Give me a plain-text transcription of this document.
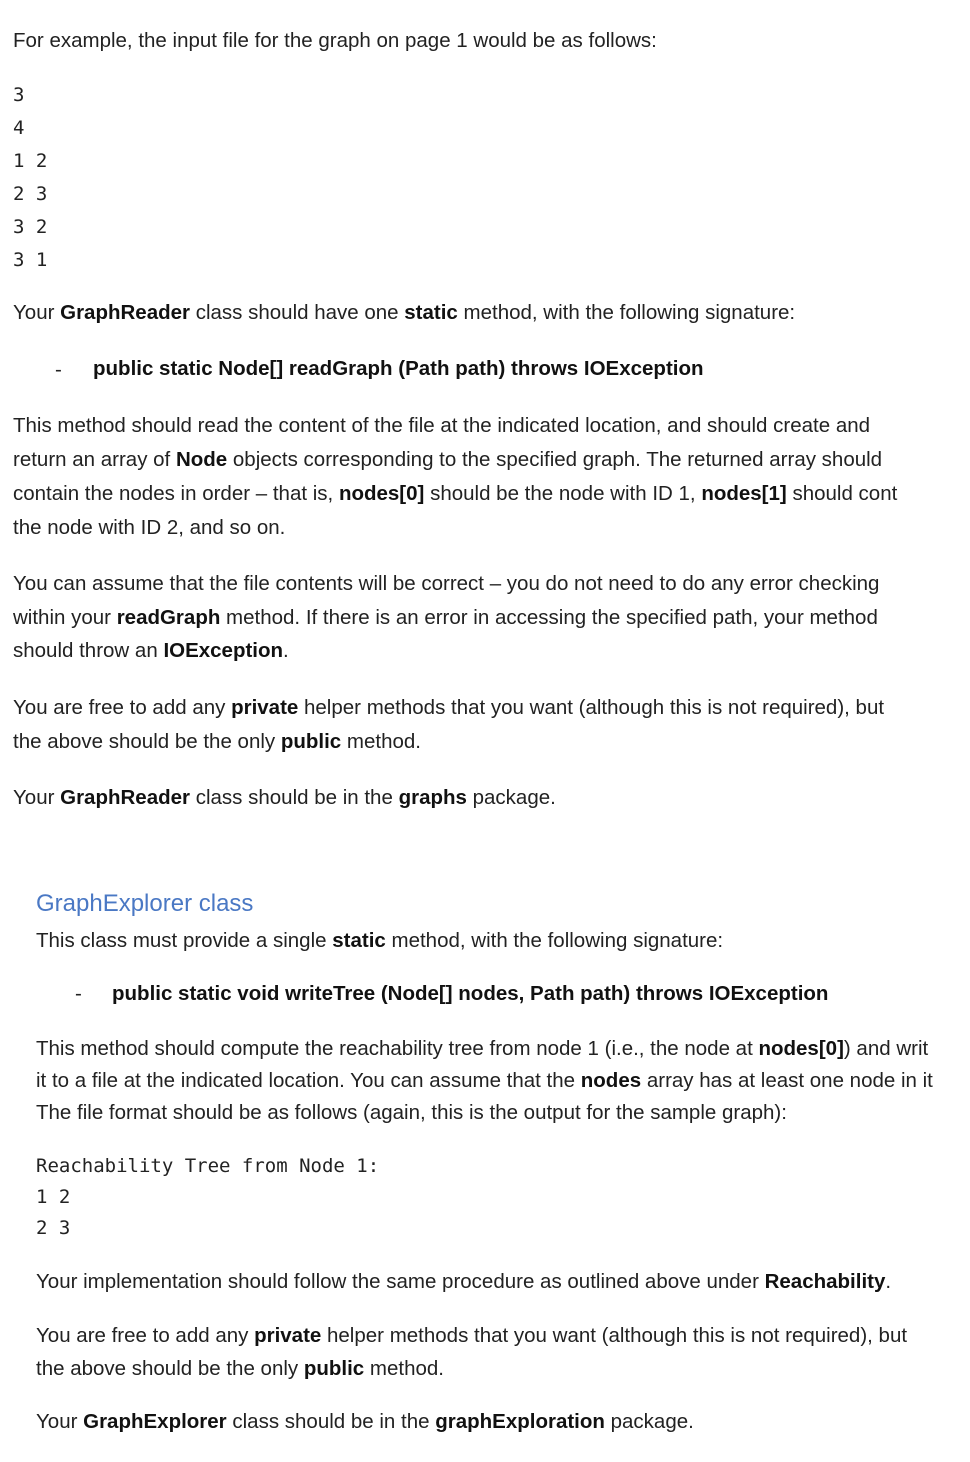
For example, the input file for the graph on page 1 would be as follows:
3
4
1 2
2 3
3 2
3 1
Your GraphReader class should have one static method, with the following signature:
- public static Node[] readGraph (Path path) throws IOException
This method should read the content of the file at the indicated location, and should create and
return an array of Node objects corresponding to the specified graph. The returned array should
contain the nodes in order – that is, nodes[0] should be the node with ID 1, nodes[1] should cont
the node with ID 2, and so on.
You can assume that the file contents will be correct – you do not need to do any error checking
within your readGraph method. If there is an error in accessing the specified path, your method
should throw an IOException.
You are free to add any private helper methods that you want (although this is not required), but
the above should be the only public method.
Your GraphReader class should be in the graphs package.
GraphExplorer class
This class must provide a single static method, with the following signature:
- public static void writeTree (Node[] nodes, Path path) throws IOException
This method should compute the reachability tree from node 1 (i.e., the node at nodes[0]) and writ
it to a file at the indicated location. You can assume that the nodes array has at least one node in it
The file format should be as follows (again, this is the output for the sample graph):
Reachability Tree from Node 1:
1 2
2 3
Your implementation should follow the same procedure as outlined above under Reachability.
You are free to add any private helper methods that you want (although this is not required), but
the above should be the only public method.
Your GraphExplorer class should be in the graphExploration package.
